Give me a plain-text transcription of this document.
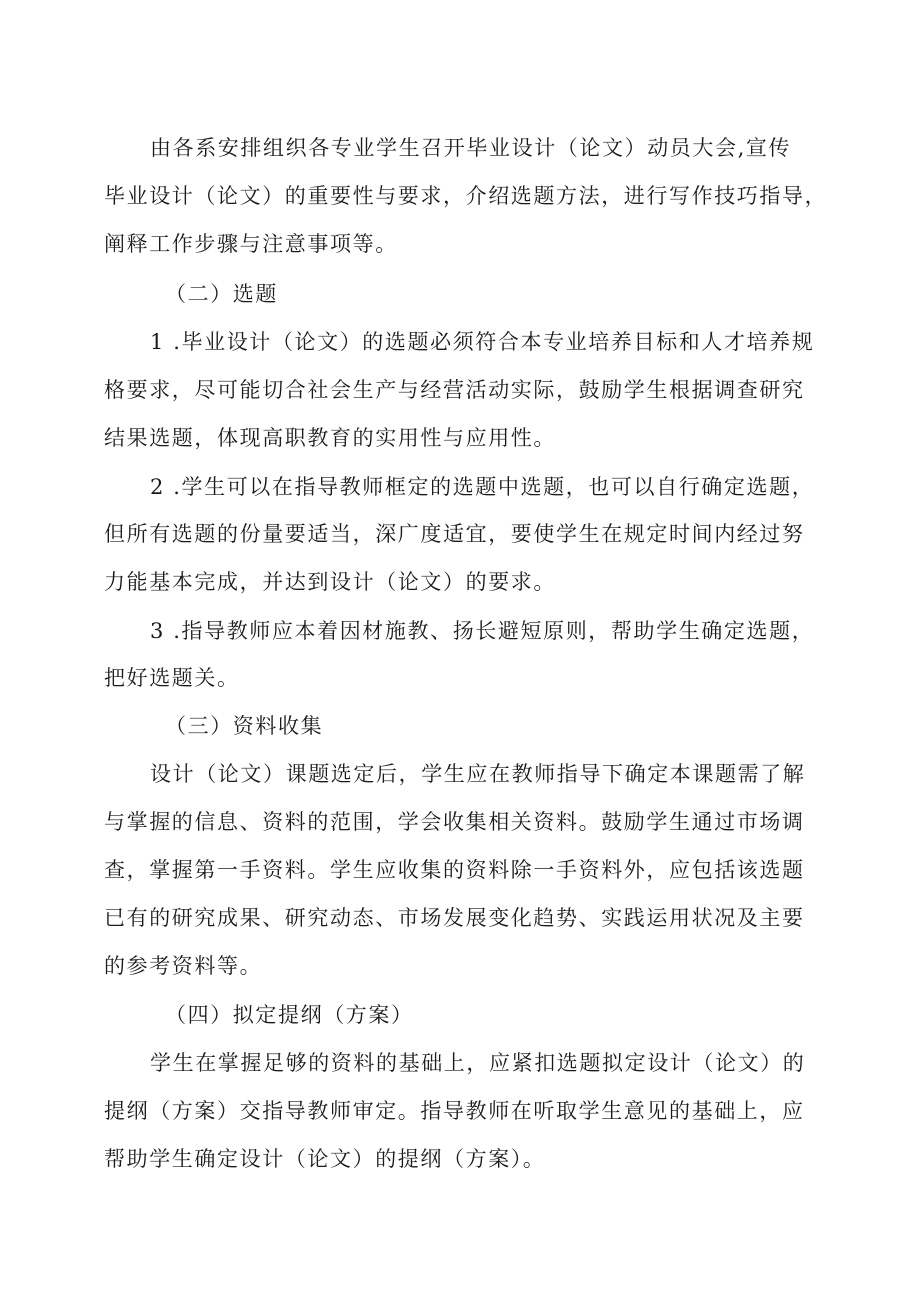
由各系安排组织各专业学生召开毕业设计（论文）动员大会,宣传
毕业设计（论文）的重要性与要求，介绍选题方法，进行写作技巧指导，
阐释工作步骤与注意事项等。
（二）选题
1 .毕业设计（论文）的选题必须符合本专业培养目标和人才培养规
格要求，尽可能切合社会生产与经营活动实际，鼓励学生根据调查研究
结果选题，体现高职教育的实用性与应用性。
2 .学生可以在指导教师框定的选题中选题，也可以自行确定选题，
但所有选题的份量要适当，深广度适宜，要使学生在规定时间内经过努
力能基本完成，并达到设计（论文）的要求。
3 .指导教师应本着因材施教、扬长避短原则，帮助学生确定选题，
把好选题关。
（三）资料收集
设计（论文）课题选定后，学生应在教师指导下确定本课题需了解
与掌握的信息、资料的范围，学会收集相关资料。鼓励学生通过市场调
查，掌握第一手资料。学生应收集的资料除一手资料外，应包括该选题
已有的研究成果、研究动态、市场发展变化趋势、实践运用状况及主要
的参考资料等。
（四）拟定提纲（方案）
学生在掌握足够的资料的基础上，应紧扣选题拟定设计（论文）的
提纲（方案）交指导教师审定。指导教师在听取学生意见的基础上，应
帮助学生确定设计（论文）的提纲（方案）。
